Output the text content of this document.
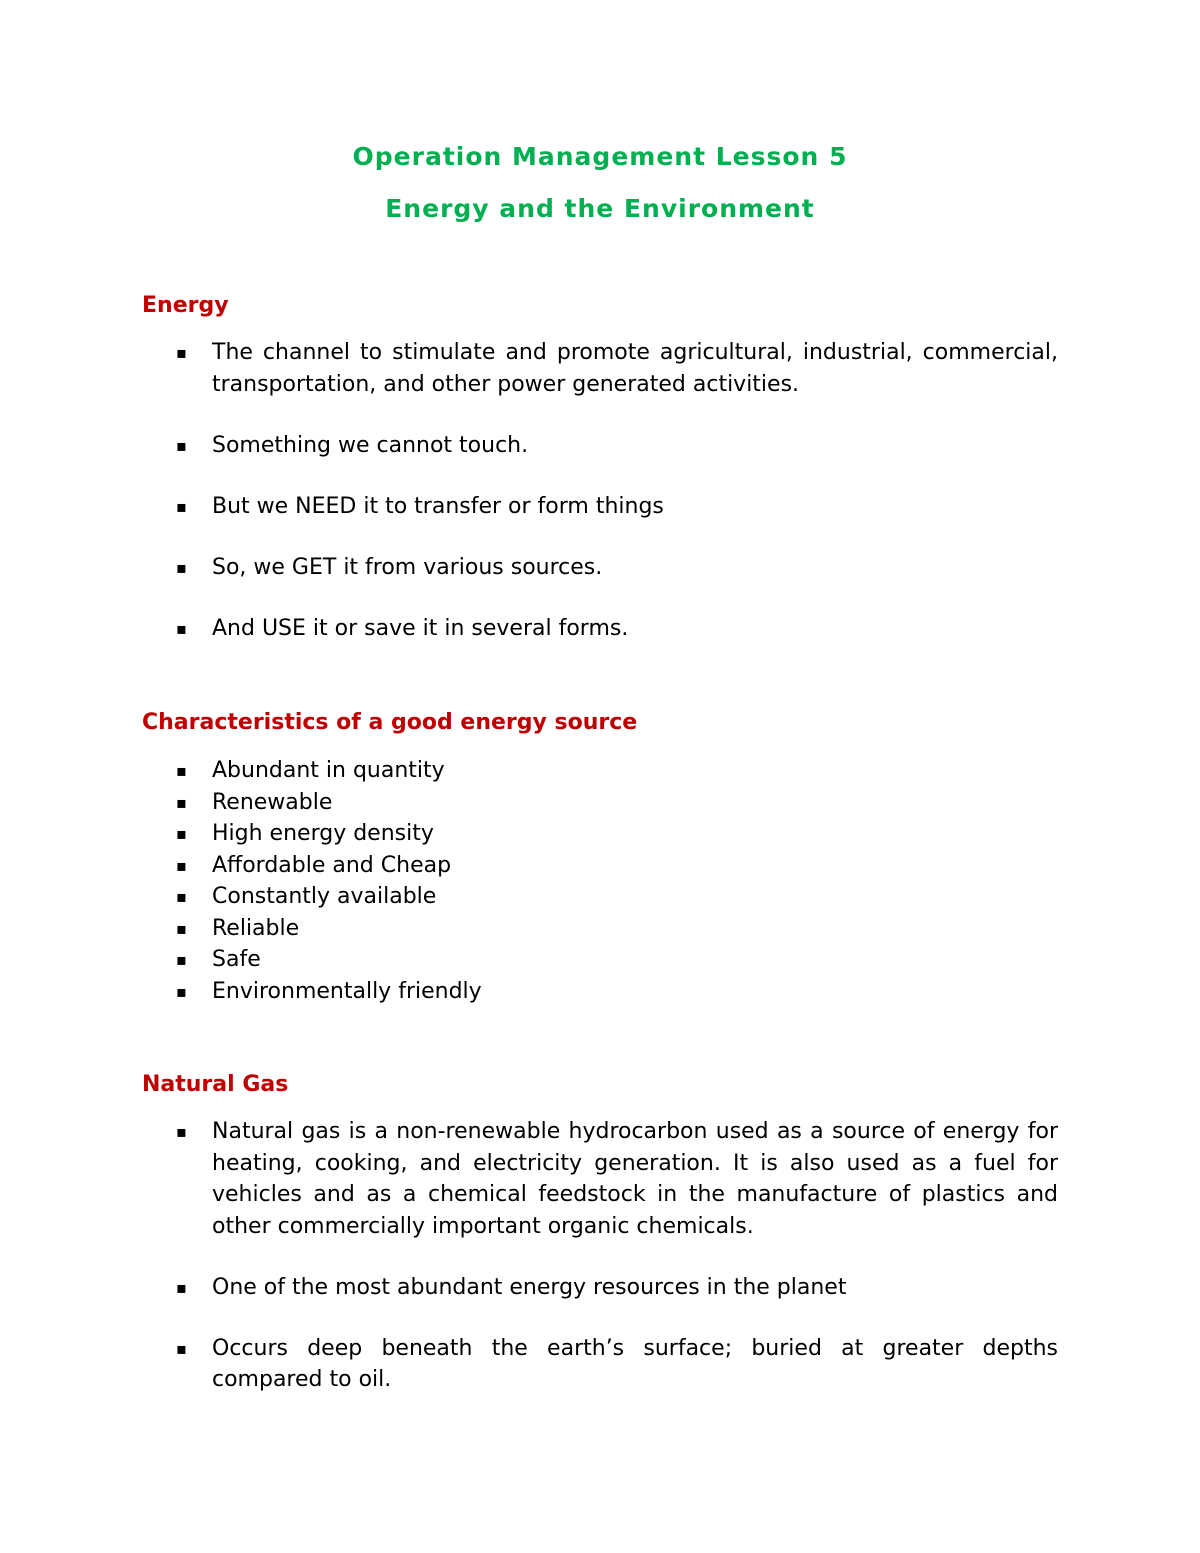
Operation Management Lesson 5
Energy and the Environment
Energy
▪ The channel to stimulate and promote agricultural, industrial, commercial, transportation, and other power generated activities.
▪ Something we cannot touch.
▪ But we NEED it to transfer or form things
▪ So, we GET it from various sources.
▪ And USE it or save it in several forms.
Characteristics of a good energy source
▪ Abundant in quantity
▪ Renewable
▪ High energy density
▪ Affordable and Cheap
▪ Constantly available
▪ Reliable
▪ Safe
▪ Environmentally friendly
Natural Gas
▪ Natural gas is a non-renewable hydrocarbon used as a source of energy for heating, cooking, and electricity generation. It is also used as a fuel for vehicles and as a chemical feedstock in the manufacture of plastics and other commercially important organic chemicals.
▪ One of the most abundant energy resources in the planet
▪ Occurs deep beneath the earth’s surface; buried at greater depths compared to oil.
